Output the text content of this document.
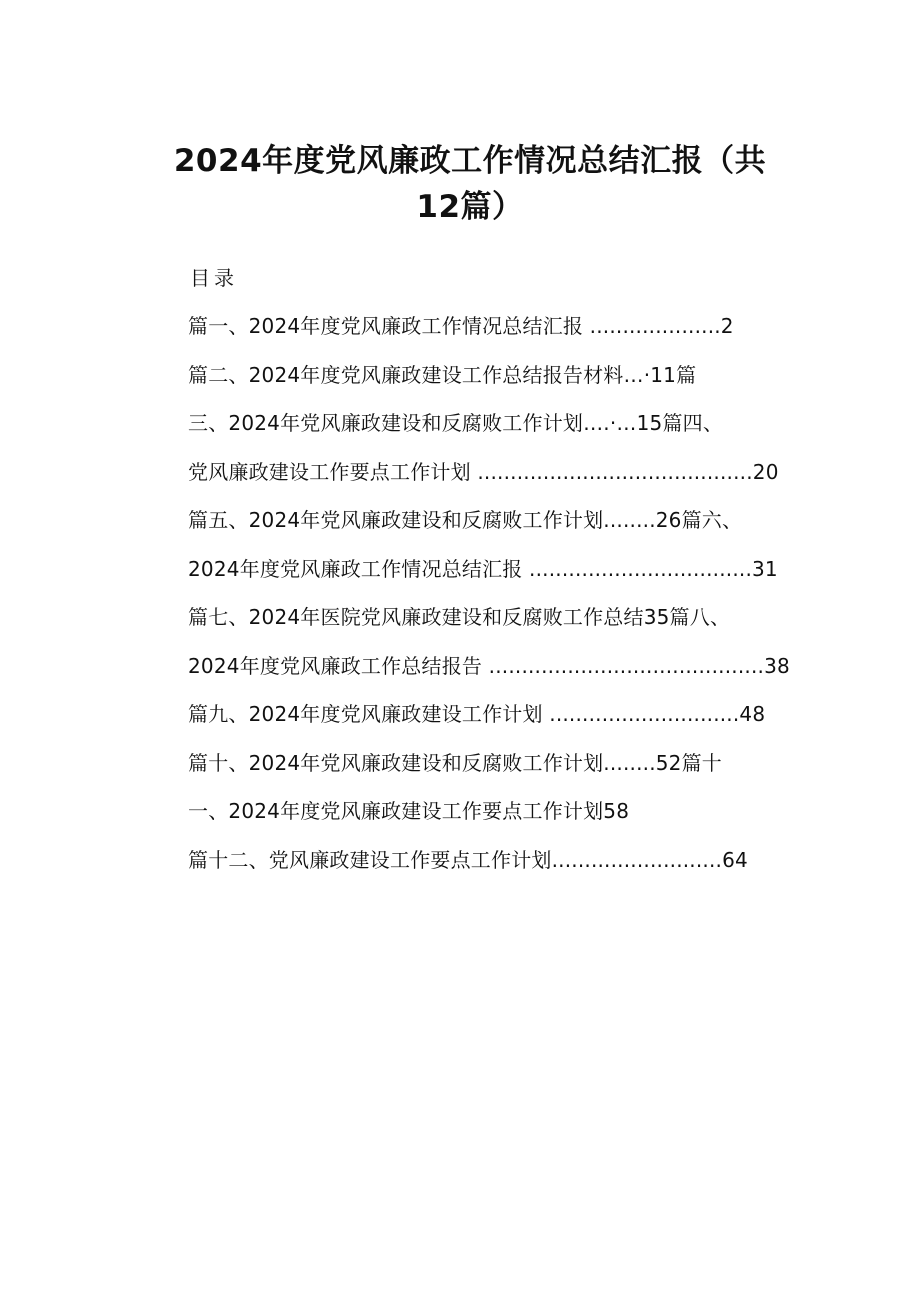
2024年度党风廉政工作情况总结汇报（共
12篇）
目录
篇一、2024年度党风廉政工作情况总结汇报 ....................2
篇二、2024年度党风廉政建设工作总结报告材料…·11篇
三、2024年党风廉政建设和反腐败工作计划….·…15篇四、
党风廉政建设工作要点工作计划 ..........................................20
篇五、2024年党风廉政建设和反腐败工作计划........26篇六、
2024年度党风廉政工作情况总结汇报 ..................................31
篇七、2024年医院党风廉政建设和反腐败工作总结35篇八、
2024年度党风廉政工作总结报告 ..........................................38
篇九、2024年度党风廉政建设工作计划 .............................48
篇十、2024年党风廉政建设和反腐败工作计划........52篇十
一、2024年度党风廉政建设工作要点工作计划58
篇十二、党风廉政建设工作要点工作计划..........................64
